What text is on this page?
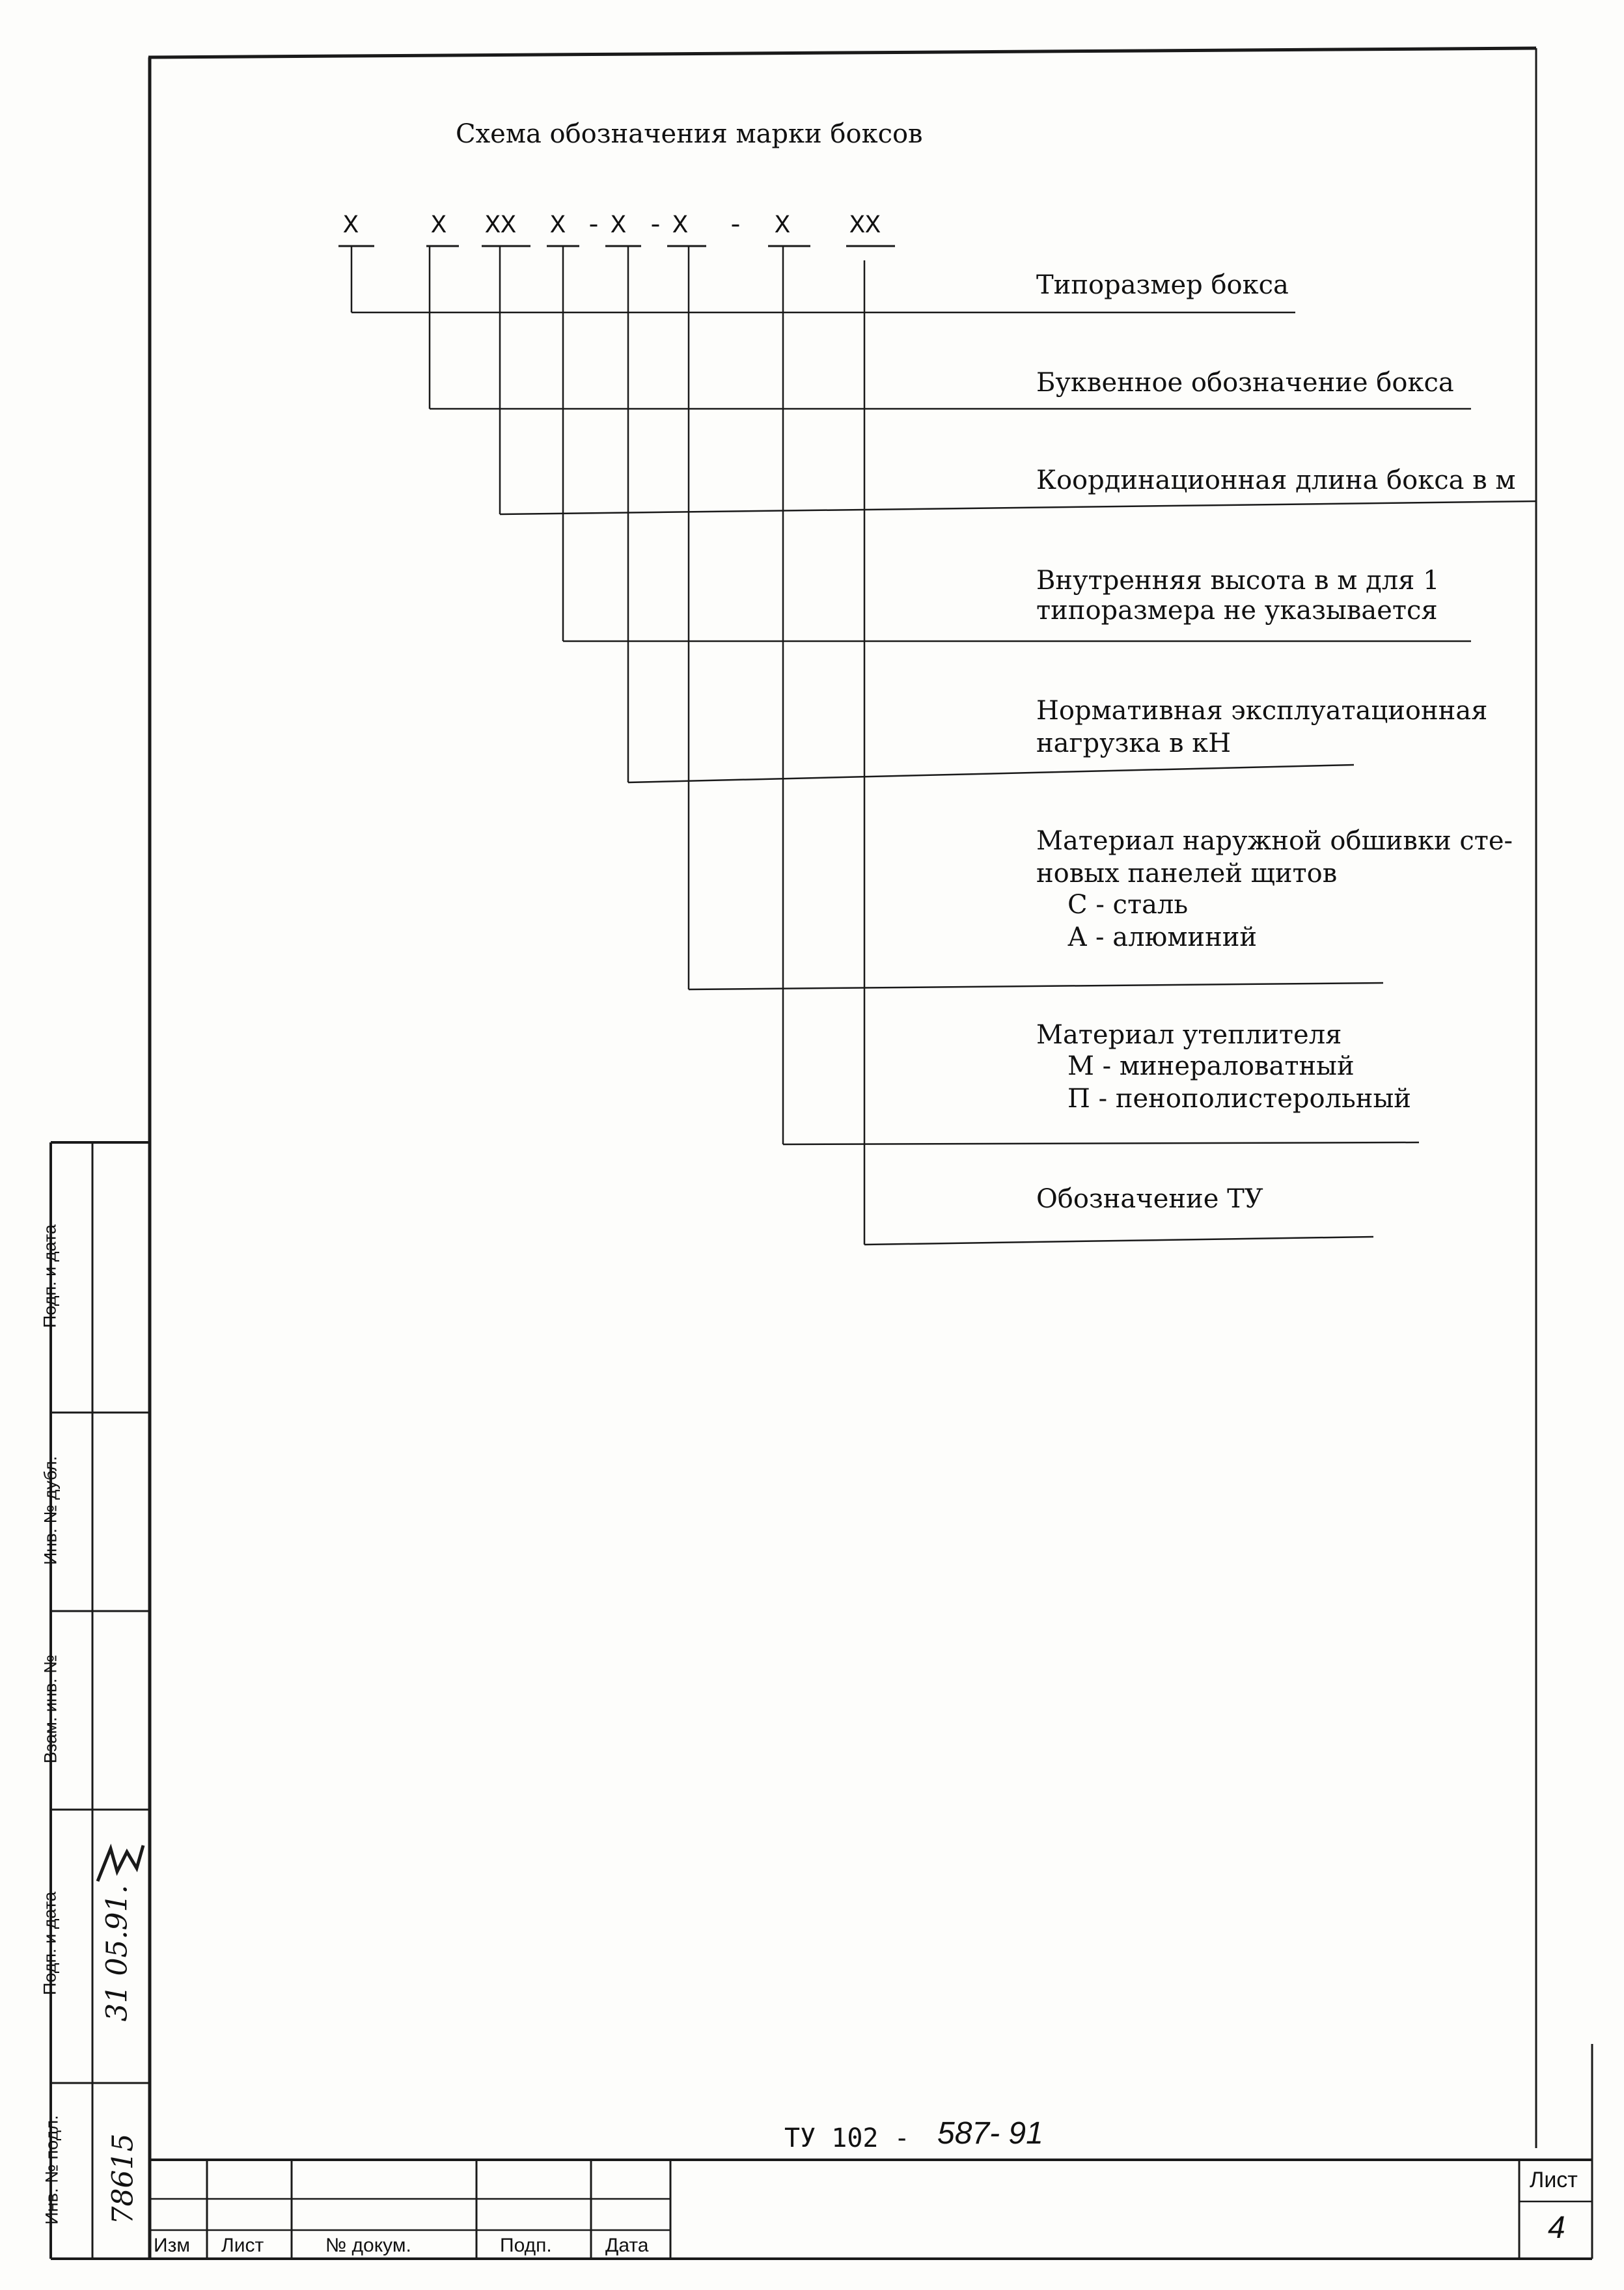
Схема обозначения марки боксов
X	X XX X - X - X - X XX
Типоразмер бокса
Буквенное обозначение бокса
Координационная длина бокса в м
Внутренняя высота в м для 1
типоразмера не указывается
Нормативная эксплуатационная
нагрузка в кН
Материал наружной обшивки сте-
новых панелей щитов
С - сталь
А - алюминий
Материал утеплителя
М - минераловатный
П - пенополистерольный
Обозначение ТУ
Подп. и дата
Инв. № дубл.
Взам. инв. №
Подп. и дата
Инв. № подл.
31 05.91.
78615	ТУ 102 - 587- 91
Лист
4
Изм Лист	№ докум.	Подп.	Дата
